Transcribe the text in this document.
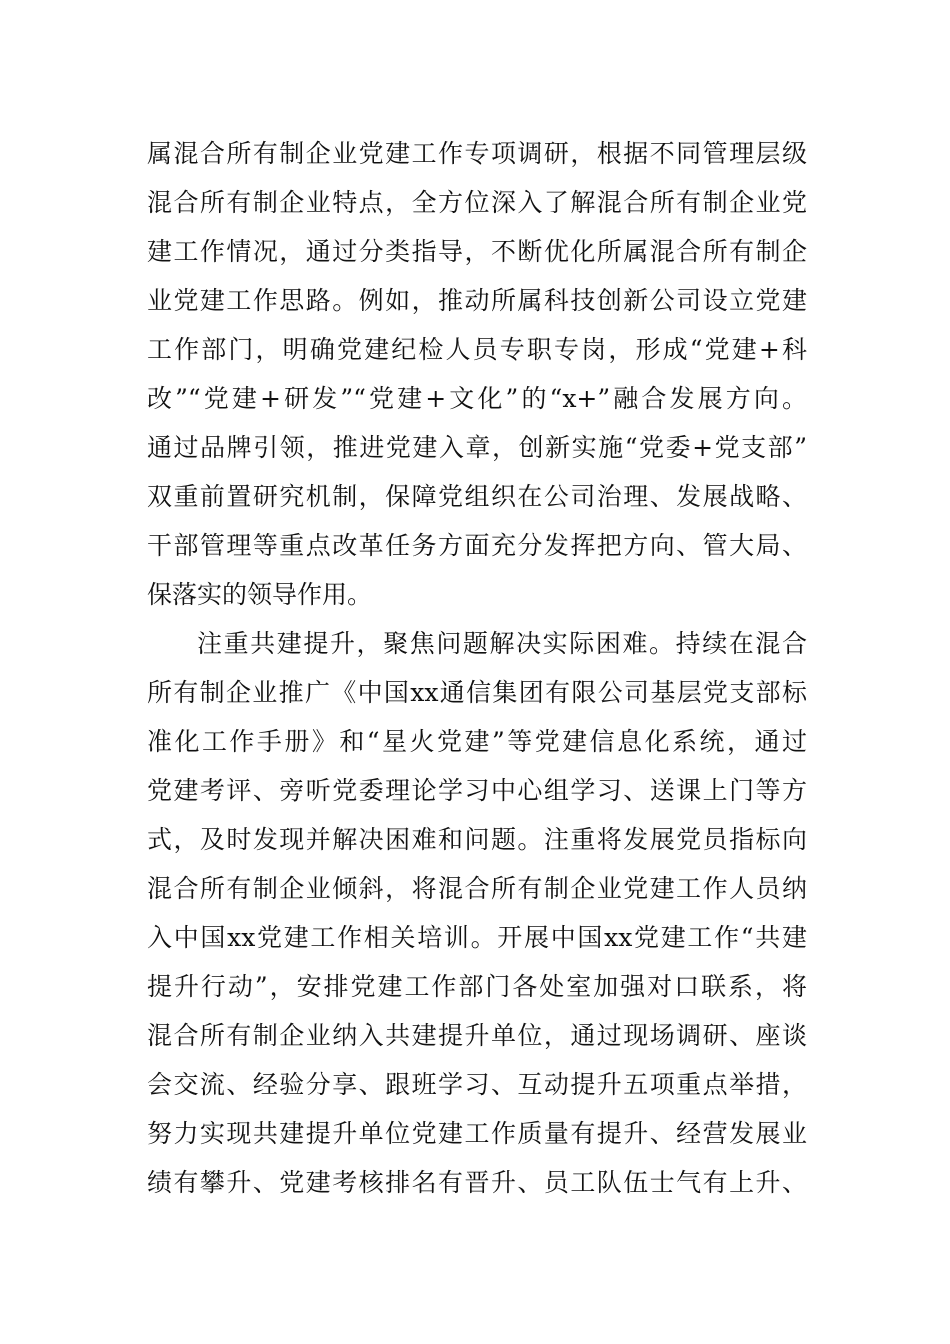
属混合所有制企业党建工作专项调研，根据不同管理层级
混合所有制企业特点，全方位深入了解混合所有制企业党
建工作情况，通过分类指导，不断优化所属混合所有制企
业党建工作思路。例如，推动所属科技创新公司设立党建
工作部门，明确党建纪检人员专职专岗，形成“党建+科
改”“党建+研发”“党建+文化”的“x+”融合发展方向。
通过品牌引领，推进党建入章，创新实施“党委+党支部”
双重前置研究机制，保障党组织在公司治理、发展战略、
干部管理等重点改革任务方面充分发挥把方向、管大局、
保落实的领导作用。
注重共建提升，聚焦问题解决实际困难。持续在混合
所有制企业推广《中国xx通信集团有限公司基层党支部标
准化工作手册》和“星火党建”等党建信息化系统，通过
党建考评、旁听党委理论学习中心组学习、送课上门等方
式，及时发现并解决困难和问题。注重将发展党员指标向
混合所有制企业倾斜，将混合所有制企业党建工作人员纳
入中国xx党建工作相关培训。开展中国xx党建工作“共建
提升行动”，安排党建工作部门各处室加强对口联系，将
混合所有制企业纳入共建提升单位，通过现场调研、座谈
会交流、经验分享、跟班学习、互动提升五项重点举措，
努力实现共建提升单位党建工作质量有提升、经营发展业
绩有攀升、党建考核排名有晋升、员工队伍士气有上升、
